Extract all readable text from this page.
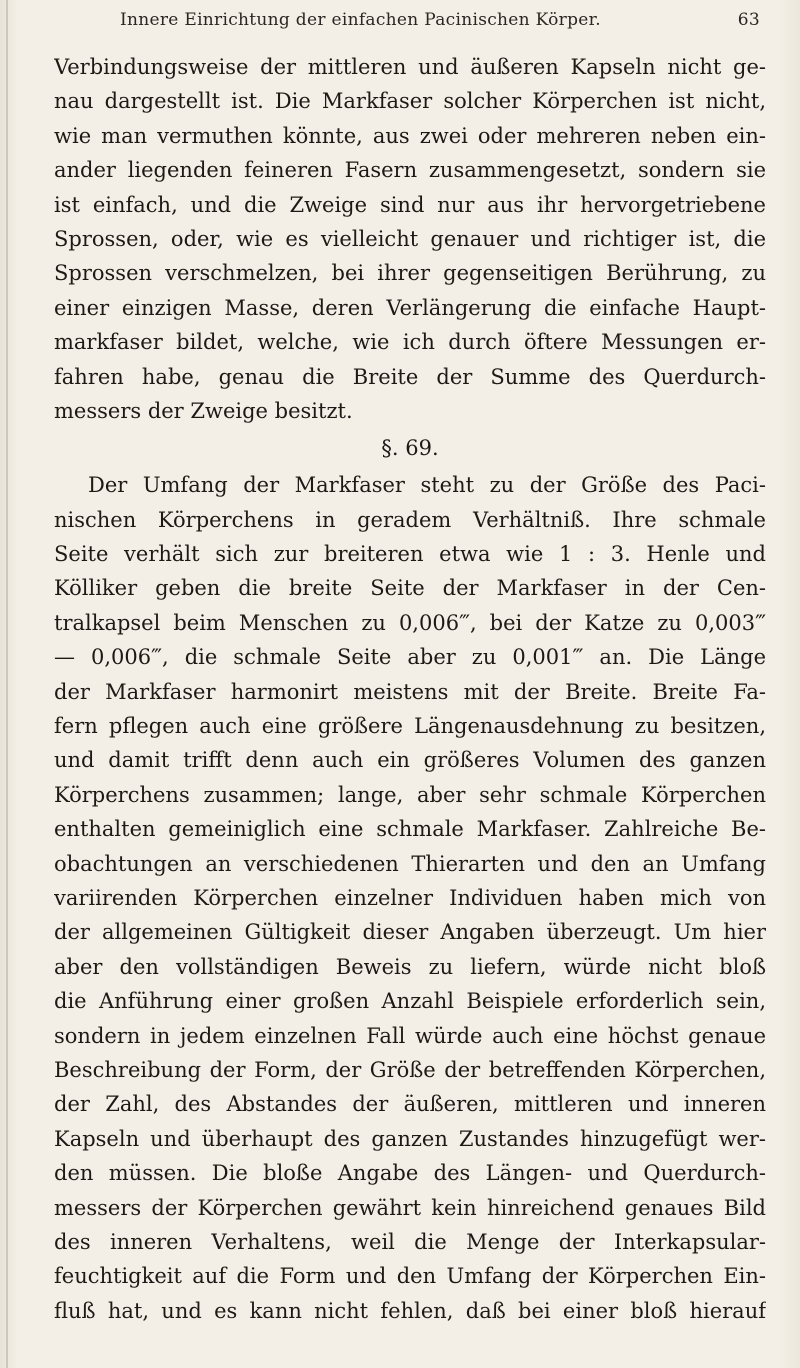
Innere Einrichtung der einfachen Pacinischen Körper.	63
Verbindungsweise der mittleren und äußeren Kapseln nicht ge-
nau dargestellt ist. Die Markfaser solcher Körperchen ist nicht,
wie man vermuthen könnte, aus zwei oder mehreren neben ein-
ander liegenden feineren Fasern zusammengesetzt, sondern sie
ist einfach, und die Zweige sind nur aus ihr hervorgetriebene
Sprossen, oder, wie es vielleicht genauer und richtiger ist, die
Sprossen verschmelzen, bei ihrer gegenseitigen Berührung, zu
einer einzigen Masse, deren Verlängerung die einfache Haupt-
markfaser bildet, welche, wie ich durch öftere Messungen er-
fahren habe, genau die Breite der Summe des Querdurch-
messers der Zweige besitzt.
§. 69.
Der Umfang der Markfaser steht zu der Größe des Paci-
nischen Körperchens in geradem Verhältniß. Ihre schmale
Seite verhält sich zur breiteren etwa wie 1 : 3. Henle und
Kölliker geben die breite Seite der Markfaser in der Cen-
tralkapsel beim Menschen zu 0,006‴, bei der Katze zu 0,003‴
— 0,006‴, die schmale Seite aber zu 0,001‴ an. Die Länge
der Markfaser harmonirt meistens mit der Breite. Breite Fa-
fern pflegen auch eine größere Längenausdehnung zu besitzen,
und damit trifft denn auch ein größeres Volumen des ganzen
Körperchens zusammen; lange, aber sehr schmale Körperchen
enthalten gemeiniglich eine schmale Markfaser. Zahlreiche Be-
obachtungen an verschiedenen Thierarten und den an Umfang
variirenden Körperchen einzelner Individuen haben mich von
der allgemeinen Gültigkeit dieser Angaben überzeugt. Um hier
aber den vollständigen Beweis zu liefern, würde nicht bloß
die Anführung einer großen Anzahl Beispiele erforderlich sein,
sondern in jedem einzelnen Fall würde auch eine höchst genaue
Beschreibung der Form, der Größe der betreffenden Körperchen,
der Zahl, des Abstandes der äußeren, mittleren und inneren
Kapseln und überhaupt des ganzen Zustandes hinzugefügt wer-
den müssen. Die bloße Angabe des Längen- und Querdurch-
messers der Körperchen gewährt kein hinreichend genaues Bild
des inneren Verhaltens, weil die Menge der Interkapsular-
feuchtigkeit auf die Form und den Umfang der Körperchen Ein-
fluß hat, und es kann nicht fehlen, daß bei einer bloß hierauf
